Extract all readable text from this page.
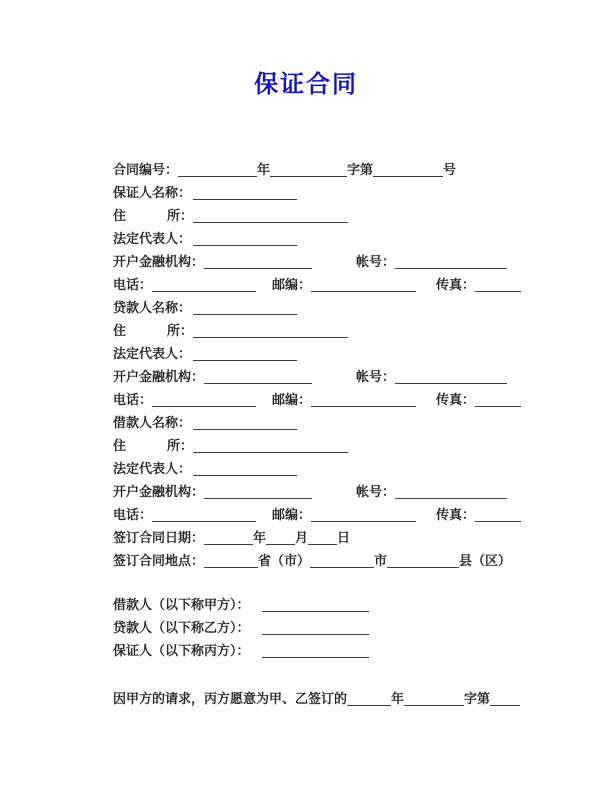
保证合同
合同编号：	年	字第	号
保证人名称：
住	所：
法定代表人：
开户金融机构：	帐号：
电话：	邮编：	传真：
贷款人名称：
住	所：
法定代表人：
开户金融机构：	帐号：
电话：	邮编：	传真：
借款人名称：
住	所：
法定代表人：
开户金融机构：	帐号：
电话：	邮编：	传真：
签订合同日期：	年 月 日
签订合同地点：	省（市）	市	县（区）
借款人（以下称甲方）：
贷款人（以下称乙方）：
保证人（以下称丙方）：
因甲方的请求，丙方愿意为甲、乙签订的	年	字第
